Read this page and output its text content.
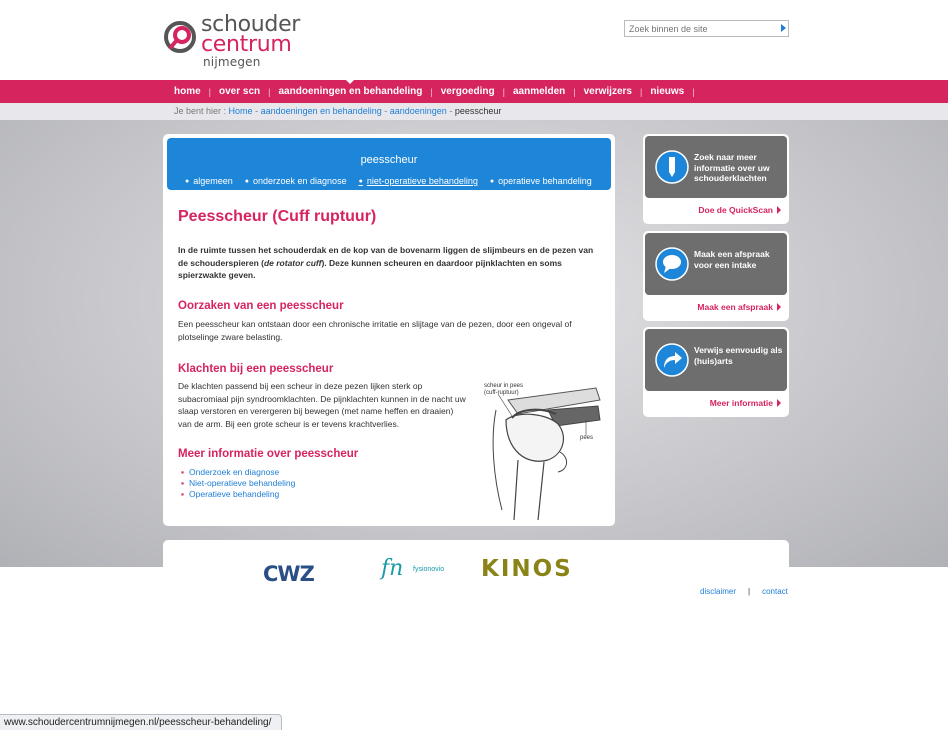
schouder
centrum
nijmegen
Zoek binnen de site
home | over scn | aandoeningen en behandeling | vergoeding | aanmelden | verwijzers | nieuws |
Je bent hier : Home - aandoeningen en behandeling - aandoeningen - peesscheur
peesscheur
● algemeen	● onderzoek en diagnose	● niet-operatieve behandeling	● operatieve behandeling
Peesscheur (Cuff ruptuur)

In de ruimte tussen het schouderdak en de kop van de bovenarm liggen de slijmbeurs en de pezen van de schouderspieren (de rotator cuff). Deze kunnen scheuren en daardoor pijnklachten en soms spierzwakte geven.

Oorzaken van een peesscheur

Een peesscheur kan ontstaan door een chronische irritatie en slijtage van de pezen, door een ongeval of plotselinge zware belasting.

Klachten bij een peesscheur

De klachten passend bij een scheur in deze pezen lijken sterk op subacromiaal pijn syndroomklachten. De pijnklachten kunnen in de nacht uw slaap verstoren en verergeren bij bewegen (met name heffen en draaien) van de arm. Bij een grote scheur is er tevens krachtverlies.

Meer informatie over peesscheur
▪ Onderzoek en diagnose
▪ Niet-operatieve behandeling
▪ Operatieve behandeling
scheur in pees
(cuff-ruptuur)
pees
Zoek naar meer informatie over uw schouderklachten
Doe de QuickScan
Maak een afspraak voor een intake
Maak een afspraak
Verwijs eenvoudig als (huis)arts
Meer informatie
CWZ	fn fysionovio KINOS
disclaimer | contact
www.schoudercentrumnijmegen.nl/peesscheur-behandeling/
